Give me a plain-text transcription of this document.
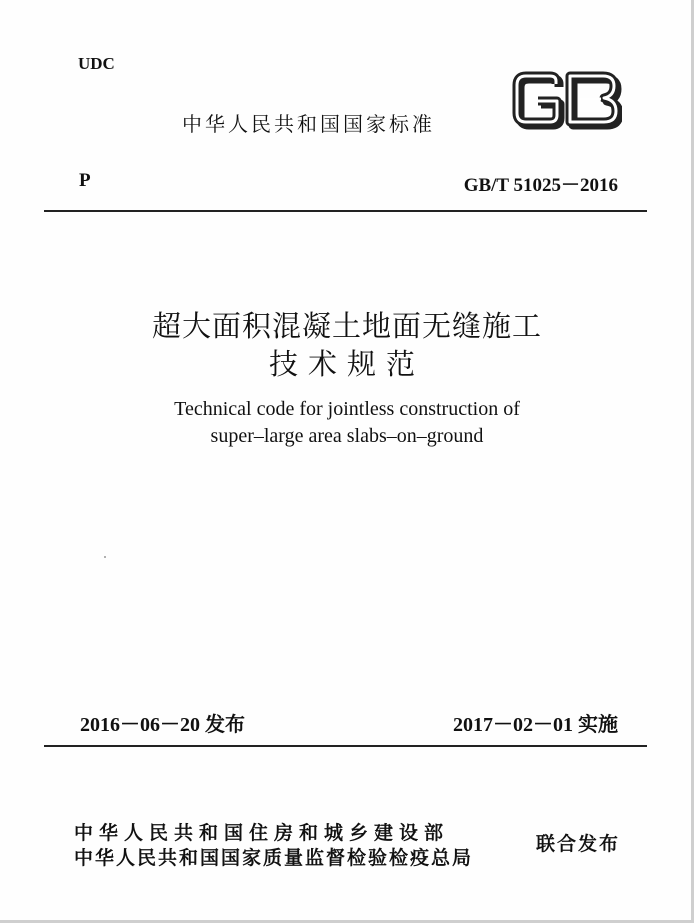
UDC
中华人民共和国国家标准
P	GB/T 51025－2016
超大面积混凝土地面无缝施工
技术规范
Technical code for jointless construction of
super–large area slabs–on–ground
2016－06－20 发布	2017－02－01 实施
中华人民共和国住房和城乡建设部
中华人民共和国国家质量监督检验检疫总局
联合发布
